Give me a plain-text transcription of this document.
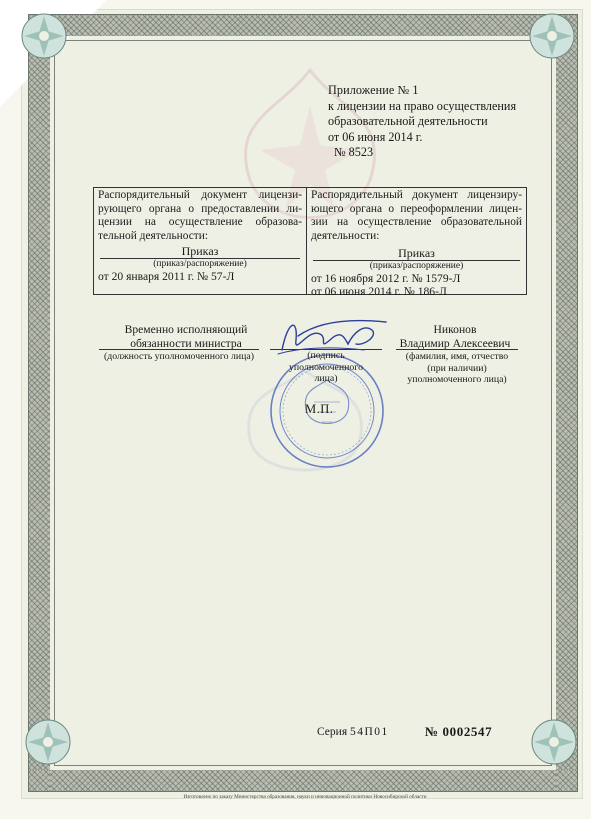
Приложение № 1
к лицензии на право осуществления
образовательной деятельности
от 06 июня 2014 г.
№ 8523
Распорядительный документ лицензи-рующего органа о предоставлении ли-цензии на осуществление образова-тельной деятельности:
Приказ
(приказ/распоряжение)
от 20 января 2011 г. № 57-Л
Распорядительный документ лицензиру-ющего органа о переоформлении лицен-зии на осуществление образовательной деятельности:
Приказ
(приказ/распоряжение)
от 16 ноября 2012 г. № 1579-Л
от 06 июня 2014 г. № 186-Л
Временно исполняющий
обязанности министра
(должность уполномоченного лица)	(подпись
уполномоченного
лица)
М.П.
Никонов
Владимир Алексеевич
(фамилия, имя, отчество
(при наличии)
уполномоченного лица)
Серия 54П01	№ 0002547
Изготовлено по заказу Министерства образования, науки и инновационной политики Новосибирской области
